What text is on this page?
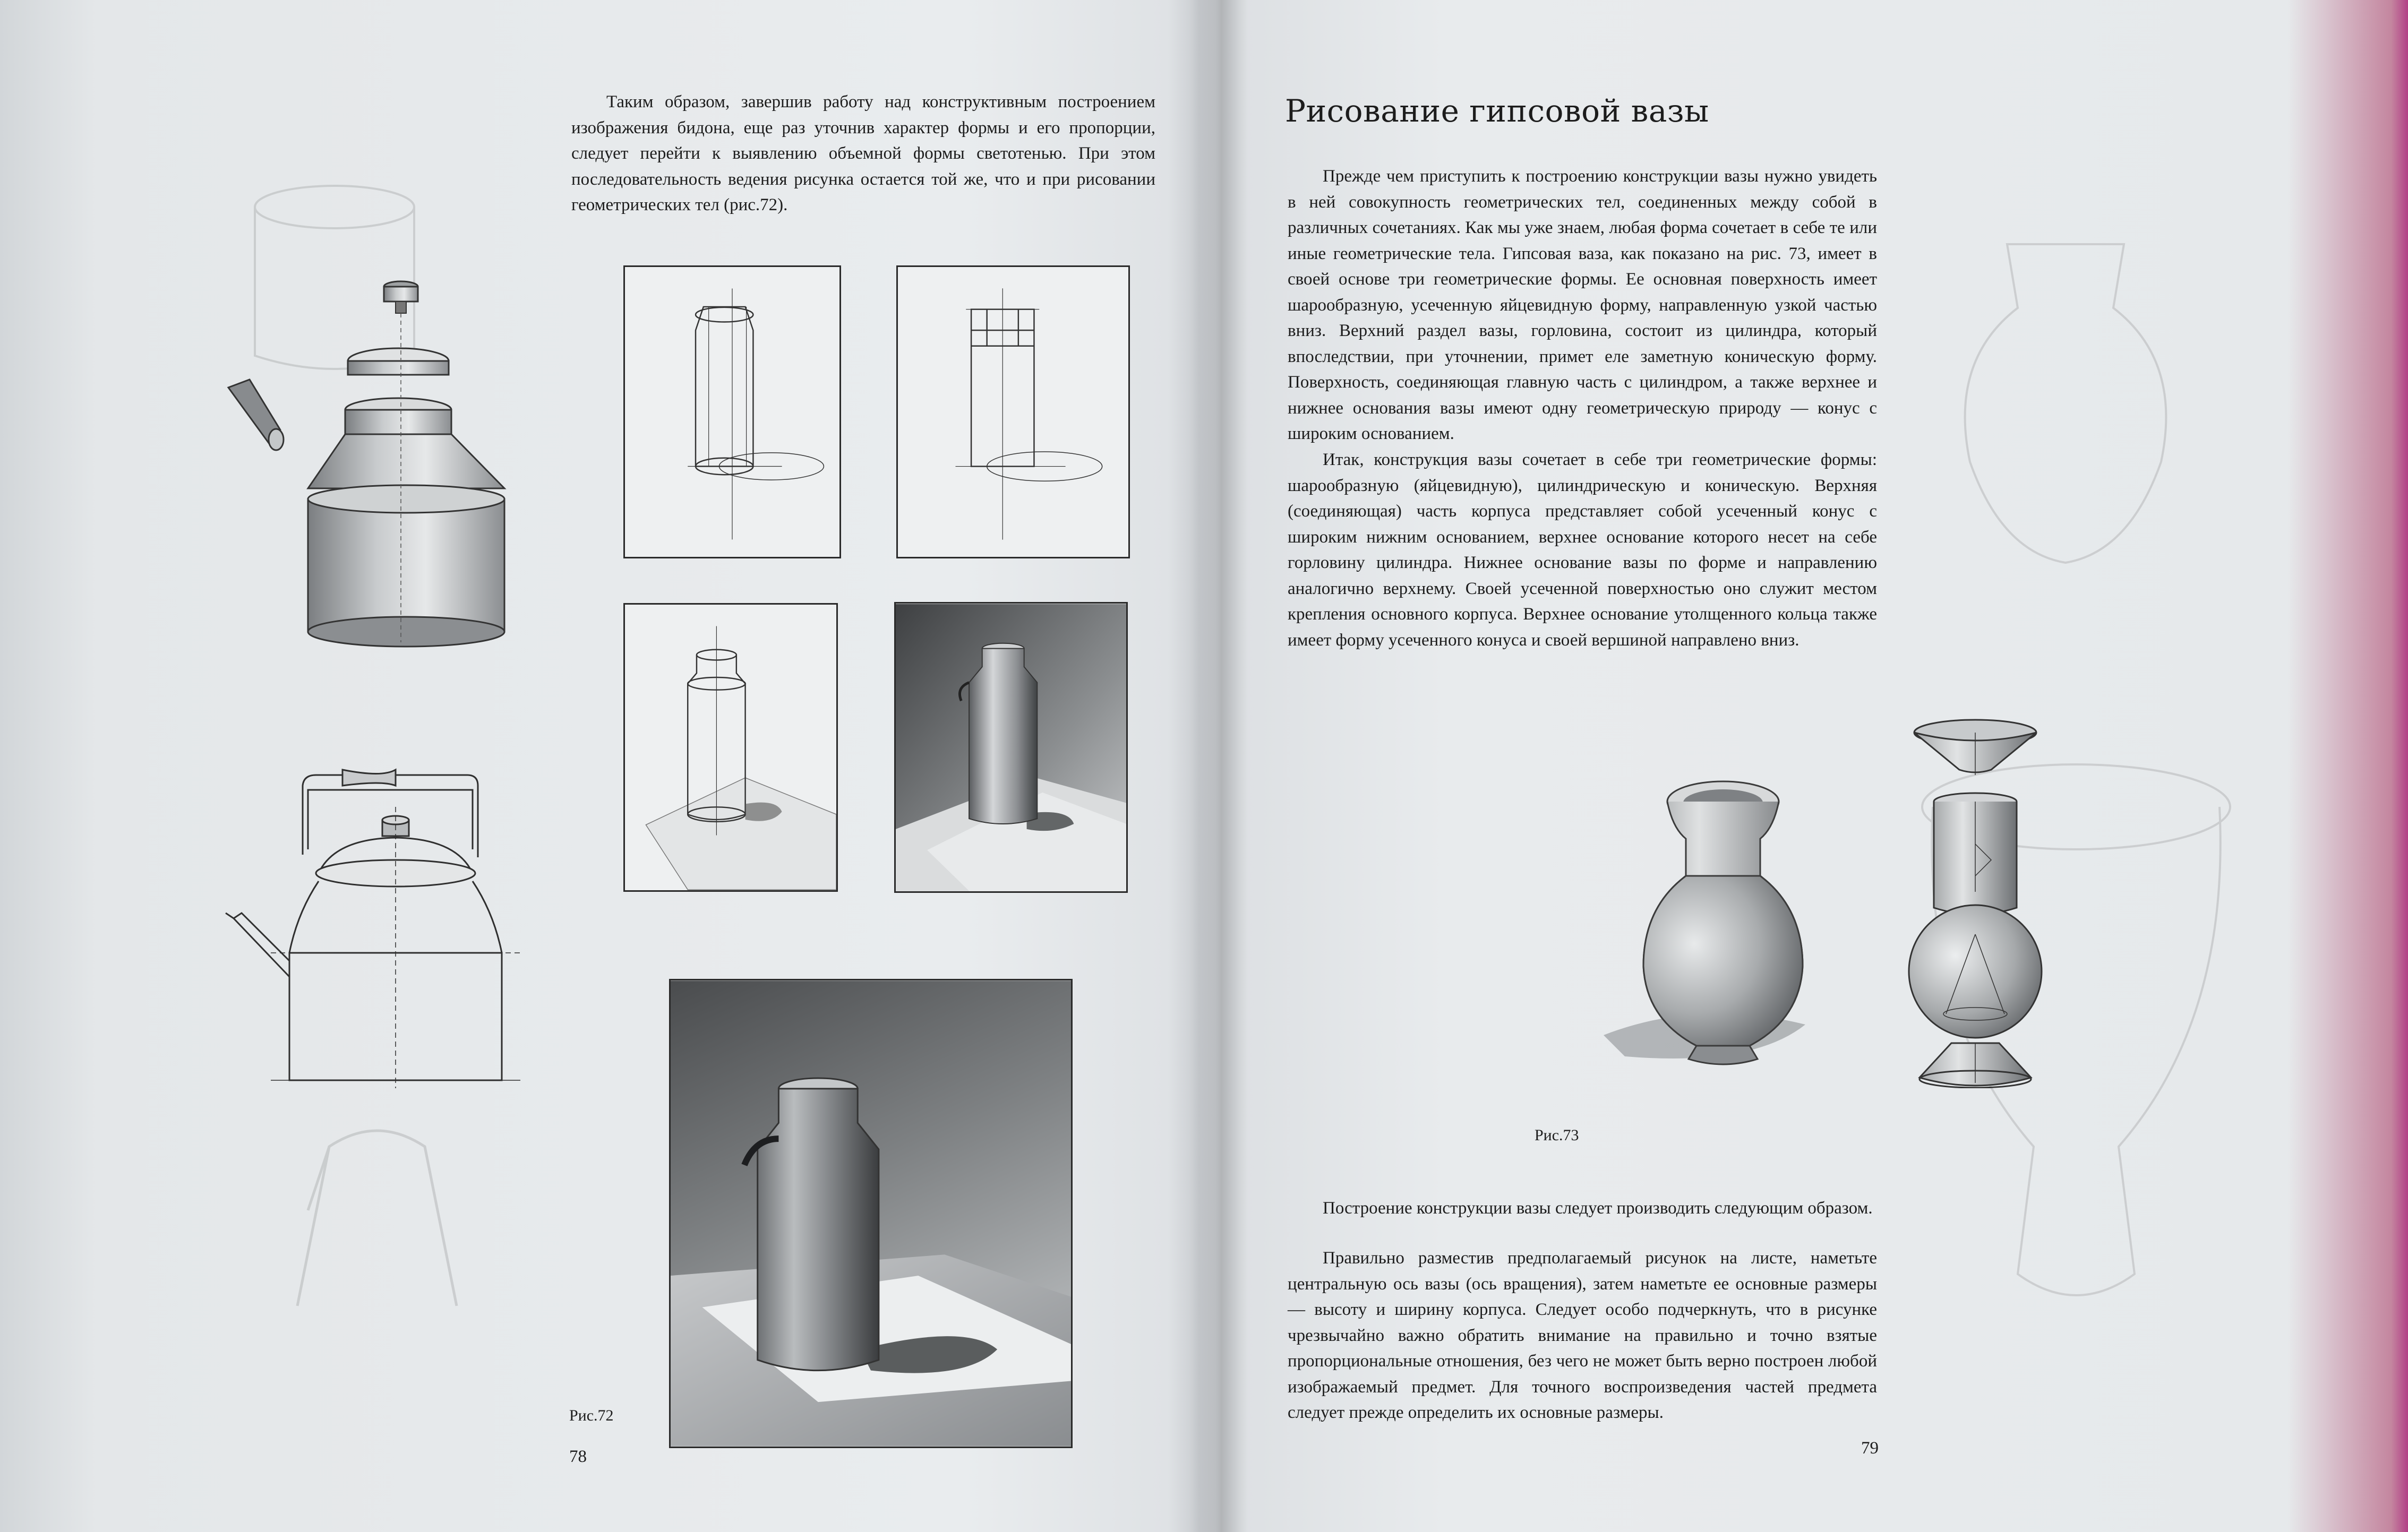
Таким образом, завершив работу над конструктивным построением изображения бидона, еще раз уточнив характер формы и его пропорции, следует перейти к выявлению объемной формы светотенью. При этом последовательность ведения рисунка остается той же, что и при рисовании геометрических тел (рис.72).

Рис.72
78
Рисование гипсовой вазы

Прежде чем приступить к построению конструкции вазы нужно увидеть в ней совокупность геометрических тел, соединенных между собой в различных сочетаниях. Как мы уже знаем, любая форма сочетает в себе те или иные геометрические тела. Гипсовая ваза, как показано на рис. 73, имеет в своей основе три геометрические формы. Ее основная поверхность имеет шарообразную, усеченную яйцевидную форму, направленную узкой частью вниз. Верхний раздел вазы, горловина, состоит из цилиндра, который впоследствии, при уточнении, примет еле заметную коническую форму. Поверхность, соединяющая главную часть с цилиндром, а также верхнее и нижнее основания вазы имеют одну геометрическую природу — конус с широким основанием.

Итак, конструкция вазы сочетает в себе три геометрические формы: шарообразную (яйцевидную), цилиндрическую и коническую. Верхняя (соединяющая) часть корпуса представляет собой усеченный конус с широким нижним основанием, верхнее основание которого несет на себе горловину цилиндра. Нижнее основание вазы по форме и направлению аналогично верхнему. Своей усеченной поверхностью оно служит местом крепления основного корпуса. Верхнее основание утолщенного кольца также имеет форму усеченного конуса и своей вершиной направлено вниз.

Рис.73

Построение конструкции вазы следует производить следующим образом.

Правильно разместив предполагаемый рисунок на листе, наметьте центральную ось вазы (ось вращения), затем наметьте ее основные размеры — высоту и ширину корпуса. Следует особо подчеркнуть, что в рисунке чрезвычайно важно обратить внимание на правильно и точно взятые пропорциональные отношения, без чего не может быть верно построен любой изображаемый предмет. Для точного воспроизведения частей предмета следует прежде определить их основные размеры.

79
